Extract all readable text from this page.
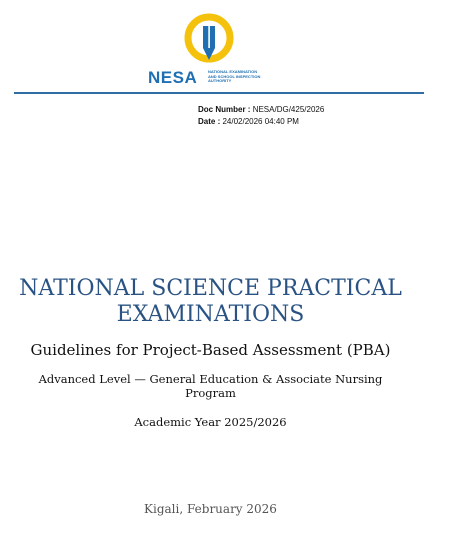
NESA	NATIONAL EXAMINATION
AND SCHOOL INSPECTION
AUTHORITY
Doc Number : NESA/DG/425/2026
Date : 24/02/2026 04:40 PM
NATIONAL SCIENCE PRACTICAL
EXAMINATIONS
Guidelines for Project-Based Assessment (PBA)
Advanced Level — General Education & Associate Nursing
Program
Academic Year 2025/2026
Kigali, February 2026
